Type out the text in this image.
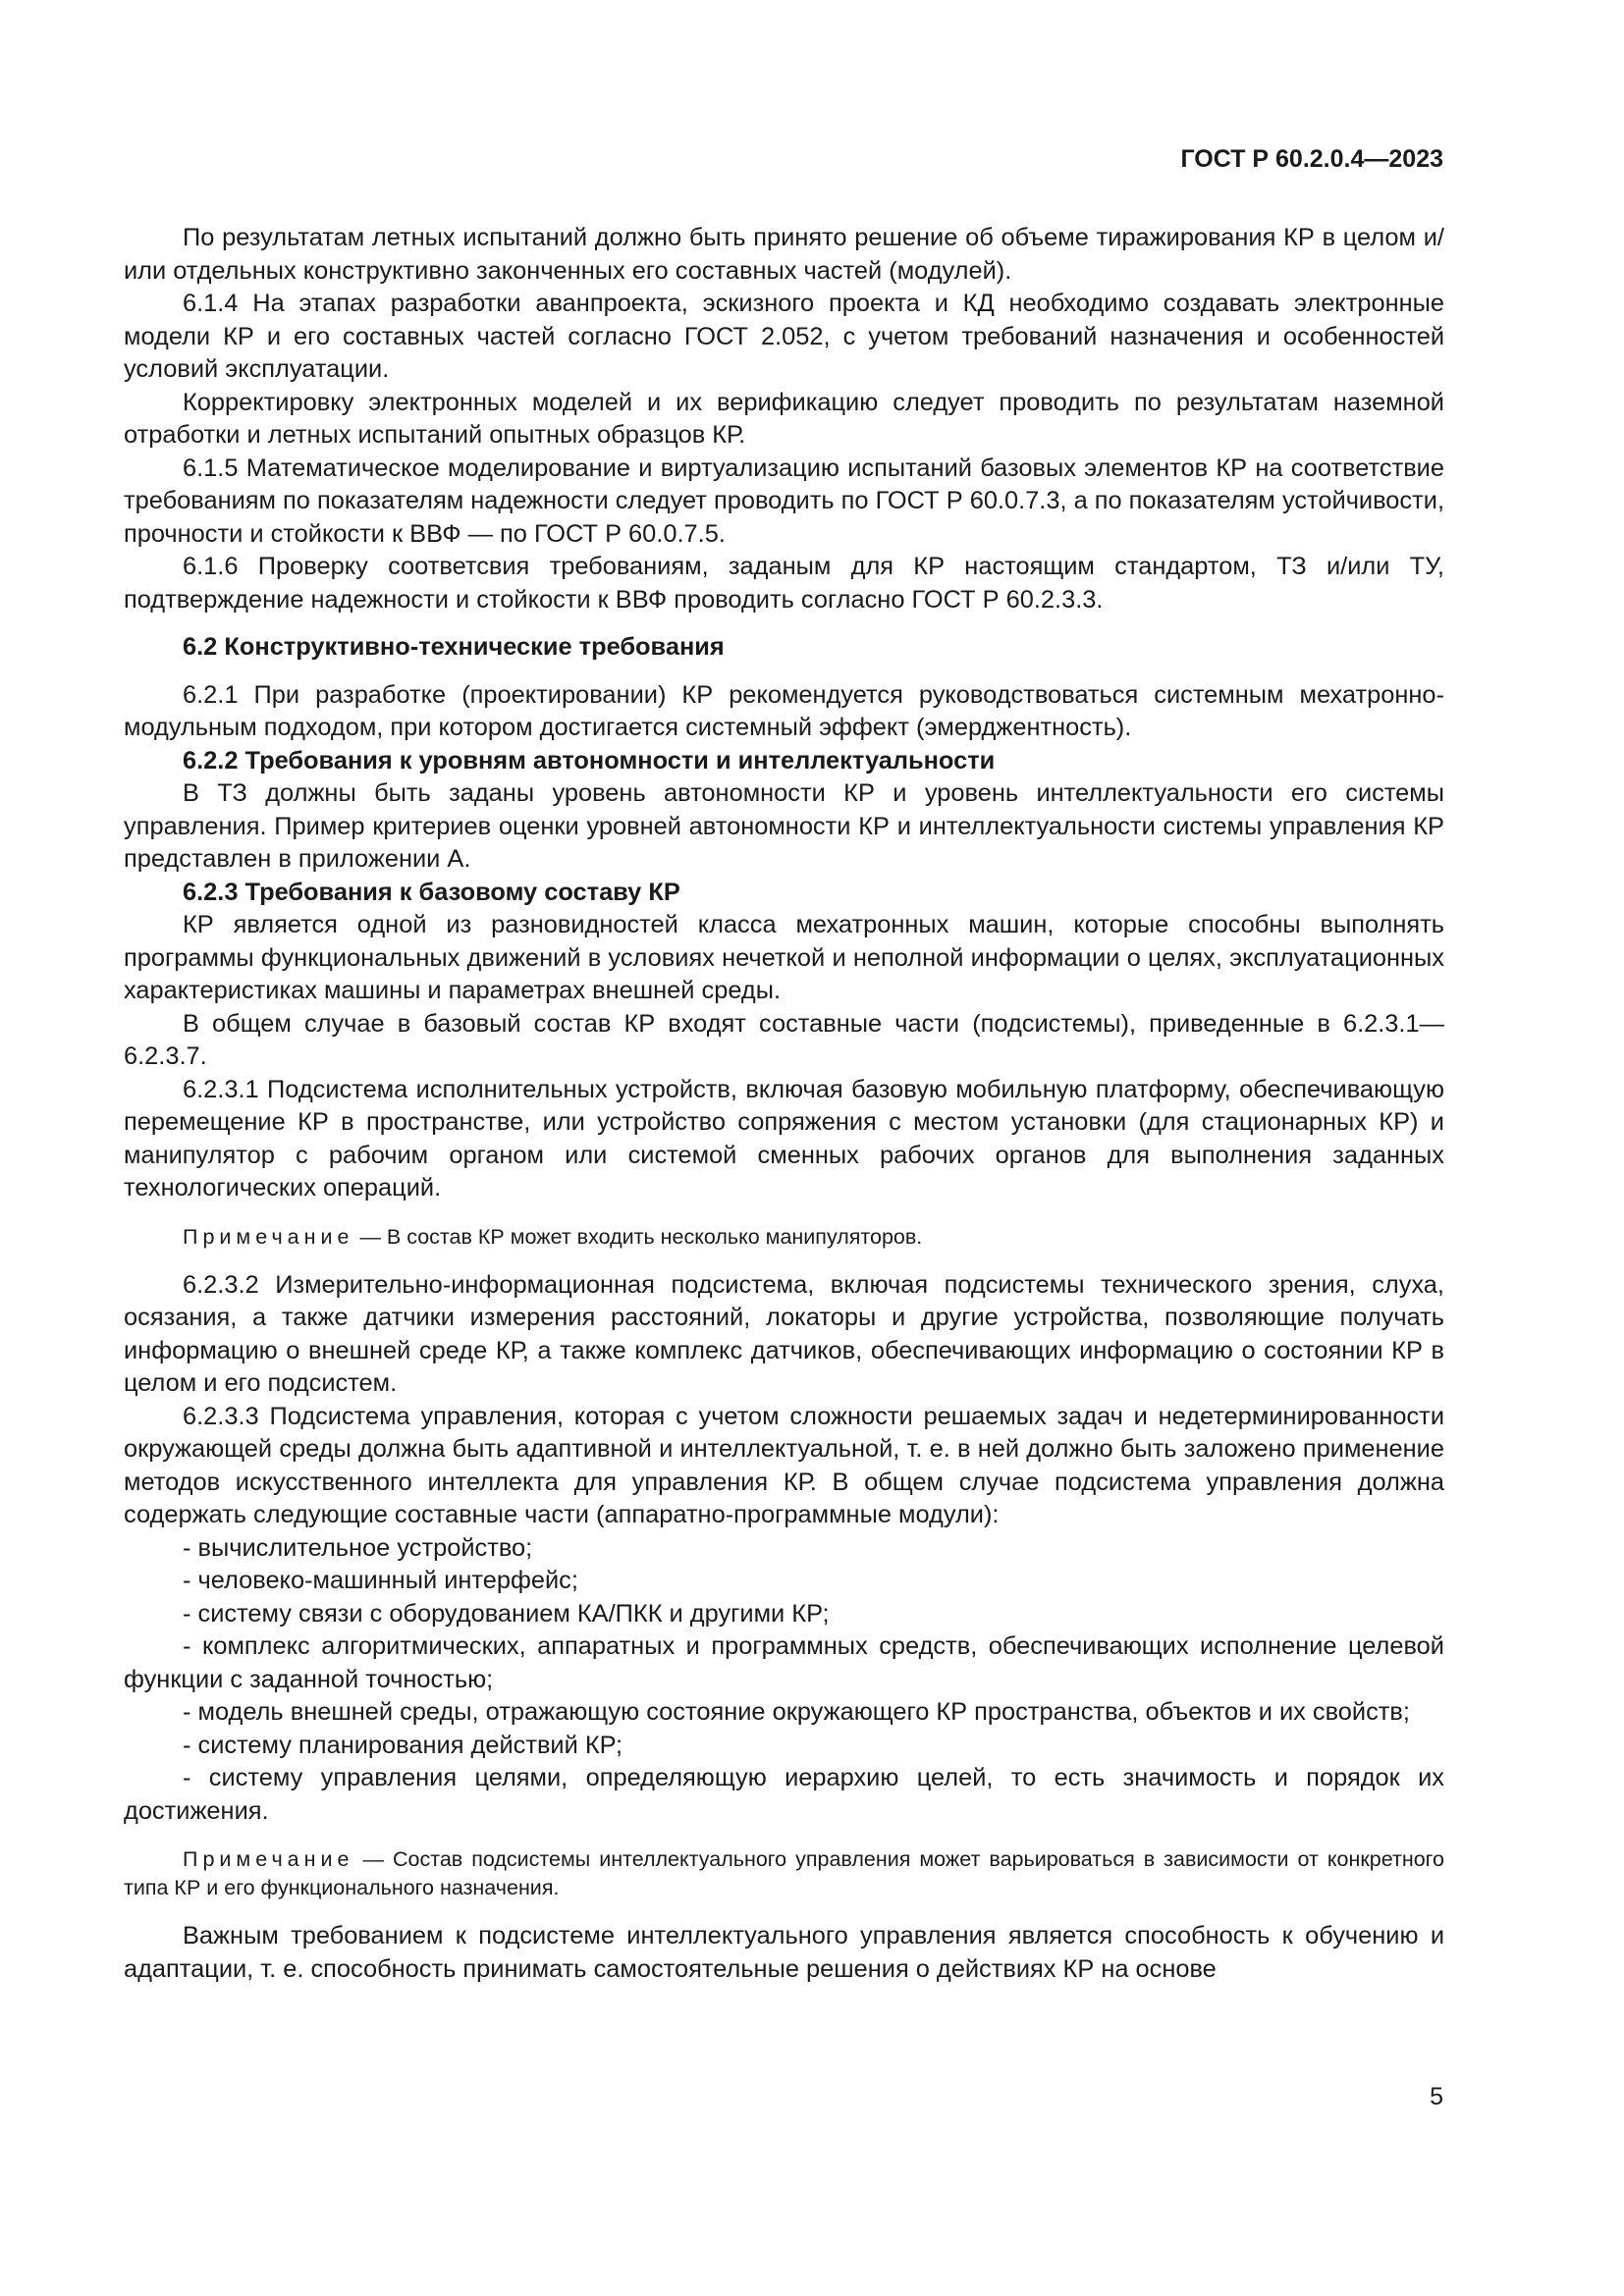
ГОСТ Р 60.2.0.4—2023

По результатам летных испытаний должно быть принято решение об объеме тиражирования КР в целом и/или отдельных конструктивно законченных его составных частей (модулей).

6.1.4 На этапах разработки аванпроекта, эскизного проекта и КД необходимо создавать электронные модели КР и его составных частей согласно ГОСТ 2.052, с учетом требований назначения и особенностей условий эксплуатации.

Корректировку электронных моделей и их верификацию следует проводить по результатам наземной отработки и летных испытаний опытных образцов КР.

6.1.5 Математическое моделирование и виртуализацию испытаний базовых элементов КР на соответствие требованиям по показателям надежности следует проводить по ГОСТ Р 60.0.7.3, а по показателям устойчивости, прочности и стойкости к ВВФ — по ГОСТ Р 60.0.7.5.

6.1.6 Проверку соответсвия требованиям, заданым для КР настоящим стандартом, ТЗ и/или ТУ, подтверждение надежности и стойкости к ВВФ проводить согласно ГОСТ Р 60.2.3.3.

6.2 Конструктивно-технические требования

6.2.1 При разработке (проектировании) КР рекомендуется руководствоваться системным мехатронно-модульным подходом, при котором достигается системный эффект (эмерджентность).

6.2.2 Требования к уровням автономности и интеллектуальности

В ТЗ должны быть заданы уровень автономности КР и уровень интеллектуальности его системы управления. Пример критериев оценки уровней автономности КР и интеллектуальности системы управления КР представлен в приложении А.

6.2.3 Требования к базовому составу КР

КР является одной из разновидностей класса мехатронных машин, которые способны выполнять программы функциональных движений в условиях нечеткой и неполной информации о целях, эксплуатационных характеристиках машины и параметрах внешней среды.

В общем случае в базовый состав КР входят составные части (подсистемы), приведенные в 6.2.3.1—6.2.3.7.

6.2.3.1 Подсистема исполнительных устройств, включая базовую мобильную платформу, обеспечивающую перемещение КР в пространстве, или устройство сопряжения с местом установки (для стационарных КР) и манипулятор с рабочим органом или системой сменных рабочих органов для выполнения заданных технологических операций.

Примечание — В состав КР может входить несколько манипуляторов.

6.2.3.2 Измерительно-информационная подсистема, включая подсистемы технического зрения, слуха, осязания, а также датчики измерения расстояний, локаторы и другие устройства, позволяющие получать информацию о внешней среде КР, а также комплекс датчиков, обеспечивающих информацию о состоянии КР в целом и его подсистем.

6.2.3.3 Подсистема управления, которая с учетом сложности решаемых задач и недетерминированности окружающей среды должна быть адаптивной и интеллектуальной, т. е. в ней должно быть заложено применение методов искусственного интеллекта для управления КР. В общем случае подсистема управления должна содержать следующие составные части (аппаратно-программные модули):

- вычислительное устройство;
- человеко-машинный интерфейс;
- систему связи с оборудованием КА/ПКК и другими КР;
- комплекс алгоритмических, аппаратных и программных средств, обеспечивающих исполнение целевой функции с заданной точностью;
- модель внешней среды, отражающую состояние окружающего КР пространства, объектов и их свойств;
- систему планирования действий КР;
- систему управления целями, определяющую иерархию целей, то есть значимость и порядок их достижения.
Примечание — Состав подсистемы интеллектуального управления может варьироваться в зависимости от конкретного типа КР и его функционального назначения.

Важным требованием к подсистеме интеллектуального управления является способность к обучению и адаптации, т. е. способность принимать самостоятельные решения о действиях КР на основе

5
